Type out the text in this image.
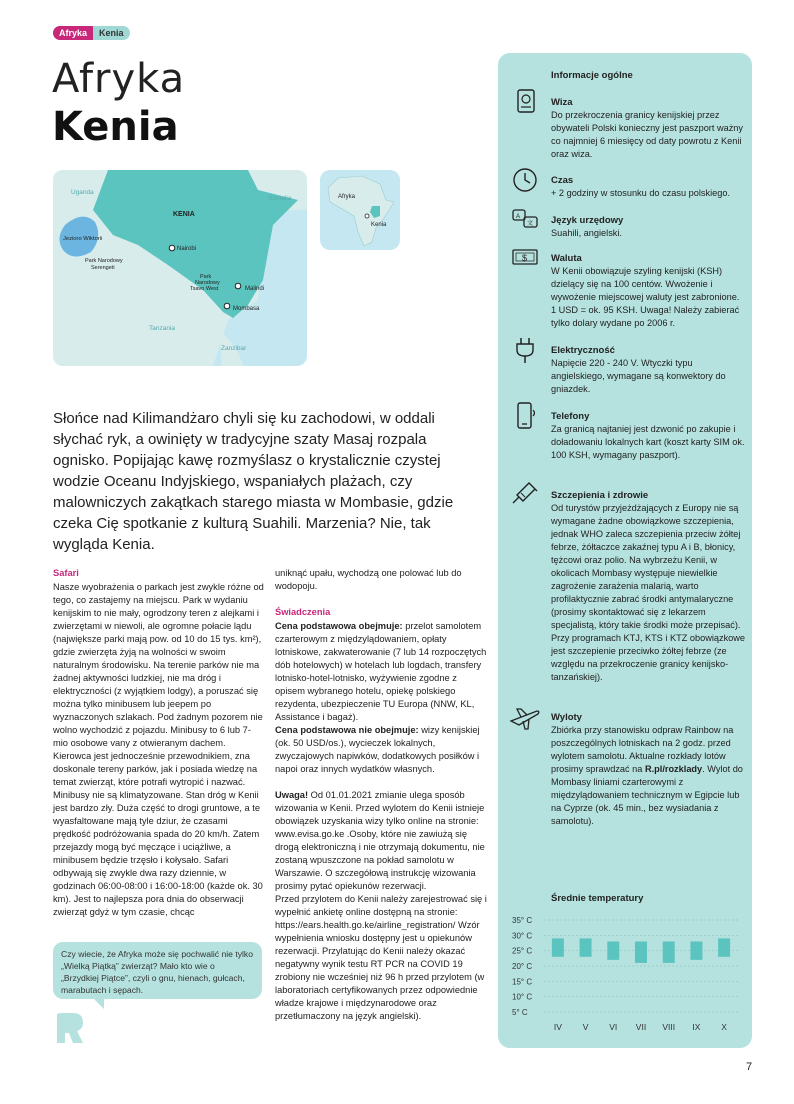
Afryka	Kenia
Afryka
Kenia
Uganda
Somalia
KENIA
Jezioro Wiktorii
Park Narodowy
Serengeti
Nairobi
Park
Narodowy
Tsavo West	Malindi
Mombasa
Tanzania
Zanzibar
Afryka
Kenia

Słońce nad Kilimandżaro chyli się ku zachodowi, w oddali słychać ryk, a owinięty w tradycyjne szaty Masaj rozpala ognisko. Popijając kawę rozmyślasz o krystalicznie czystej wodzie Oceanu Indyjskiego, wspaniałych plażach, czy malowniczych zakątkach starego miasta w Mombasie, gdzie czeka Cię spotkanie z kulturą Suahili. Marzenia? Nie, tak wygląda Kenia.

Safari

Nasze wyobrażenia o parkach jest zwykle różne od tego, co zastajemy na miejscu. Park w wydaniu kenijskim to nie mały, ogrodzony teren z alejkami i zwierzętami w niewoli, ale ogromne połacie lądu (największe parki mają pow. od 10 do 15 tys. km²), gdzie zwierzęta żyją na wolności w swoim naturalnym środowisku. Na terenie parków nie ma żadnej aktywności ludzkiej, nie ma dróg i elektryczności (z wyjątkiem lodgy), a poruszać się można tylko minibusem lub jeepem po wyznaczonych szlakach. Pod żadnym pozorem nie wolno wychodzić z pojazdu. Minibusy to 6 lub 7-mio osobowe vany z otwieranym dachem. Kierowca jest jednocześnie przewodnikiem, zna doskonale tereny parków, jak i posiada wiedzę na temat zwierząt, które potrafi wytropić i nazwać. Minibusy nie są klimatyzowane. Stan dróg w Kenii jest bardzo zły. Duża część to drogi gruntowe, a te wyasfaltowane mają tyle dziur, że czasami prędkość podróżowania spada do 20 km/h. Zatem przejazdy mogą być męczące i uciążliwe, a minibusem będzie trzęsło i kołysało. Safari odbywają się zwykle dwa razy dziennie, w godzinach 06:00-08:00 i 16:00-18:00 (każde ok. 30 km). Jest to najlepsza pora dnia do obserwacji zwierząt gdyż w tym czasie, chcąc

uniknąć upału, wychodzą one polować lub do wodopoju.

Świadczenia

Cena podstawowa obejmuje: przelot samolotem czarterowym z międzylądowaniem, opłaty lotniskowe, zakwaterowanie (7 lub 14 rozpoczętych dób hotelowych) w hotelach lub logdach, transfery lotnisko-hotel-lotnisko, wyżywienie zgodne z opisem wybranego hotelu, opiekę polskiego rezydenta, ubezpieczenie TU Europa (NNW, KL, Assistance i bagaż).

Cena podstawowa nie obejmuje: wizy kenijskiej (ok. 50 USD/os.), wycieczek lokalnych, zwyczajowych napiwków, dodatkowych posiłków i napoi oraz innych wydatków własnych.

Uwaga! Od 01.01.2021 zmianie ulega sposób wizowania w Kenii. Przed wylotem do Kenii istnieje obowiązek uzyskania wizy tylko online na stronie: www.evisa.go.ke .Osoby, które nie zawiużą się drogą elektroniczną i nie otrzymają dokumentu, nie zostaną wpuszczone na pokład samolotu w Warszawie. O szczegółową instrukcję wizowania prosimy pytać opiekunów rezerwacji.

Przed przylotem do Kenii należy zarejestrować się i wypełnić ankietę online dostępną na stronie: https://ears.health.go.ke/airline_registration/ Wzór wypełnienia wniosku dostępny jest u opiekunów rezerwacji. Przylatując do Kenii należy okazać negatywny wynik testu RT PCR na COVID 19 zrobiony nie wcześniej niż 96 h przed przylotem (w laboratoriach certyfikowanych przez odpowiednie władze krajowe i międzynarodowe oraz przetłumaczony na język angielski).

Czy wiecie, że Afryka może się pochwalić nie tylko „Wielką Piątką” zwierząt? Mało kto wie o „Brzydkiej Piątce”, czyli o gnu, hienach, gułcach, marabutach i sępach.
Informacje ogólne
Wiza
Do przekroczenia granicy kenijskiej przez obywateli Polski konieczny jest paszport ważny co najmniej 6 miesięcy od daty powrotu z Kenii oraz wiza.
Czas
+ 2 godziny w stosunku do czasu polskiego.
A
文 Język urzędowy
Suahili, angielski.
$	Waluta
W Kenii obowiązuje szyling kenijski (KSH) dzielący się na 100 centów. Wwożenie i wywożenie miejscowej waluty jest zabronione. 1 USD = ok. 95 KSH. Uwaga! Należy zabierać tylko dolary wydane po 2006 r.
Elektryczność
Napięcie 220 - 240 V. Wtyczki typu angielskiego, wymagane są konwektory do gniazdek.
Telefony
Za granicą najtaniej jest dzwonić po zakupie i doładowaniu lokalnych kart (koszt karty SIM ok. 100 KSH, wymagany paszport).
Szczepienia i zdrowie
Od turystów przyjeżdżających z Europy nie są wymagane żadne obowiązkowe szczepienia, jednak WHO zaleca szczepienia przeciw żółtej febrze, żółtaczce zakaźnej typu A i B, błonicy, tężcowi oraz polio. Na wybrzeżu Kenii, w okolicach Mombasy występuje niewielkie zagrożenie zarażenia malarią, warto profilaktycznie zabrać środki antymalaryczne (prosimy skontaktować się z lekarzem specjalistą, który takie środki może przepisać). Przy programach KTJ, KTS i KTZ obowiązkowe jest szczepienie przeciwko żółtej febrze (ze względu na przekroczenie granicy kenijsko-tanzańskiej).
Wyloty
Zbiórka przy stanowisku odpraw Rainbow na poszczególnych lotniskach na 2 godz. przed wylotem samolotu. Aktualne rozkłady lotów prosimy sprawdzać na R.pl/rozklady. Wylot do Mombasy liniami czarterowymi z międzylądowaniem technicznym w Egipcie lub na Cyprze (ok. 45 min., bez wysiadania z samolotu).
Średnie temperatury
35° C
30° C
25° C
20° C
15° C
10° C
5° C
IV V VI VII VIII IX X
7
